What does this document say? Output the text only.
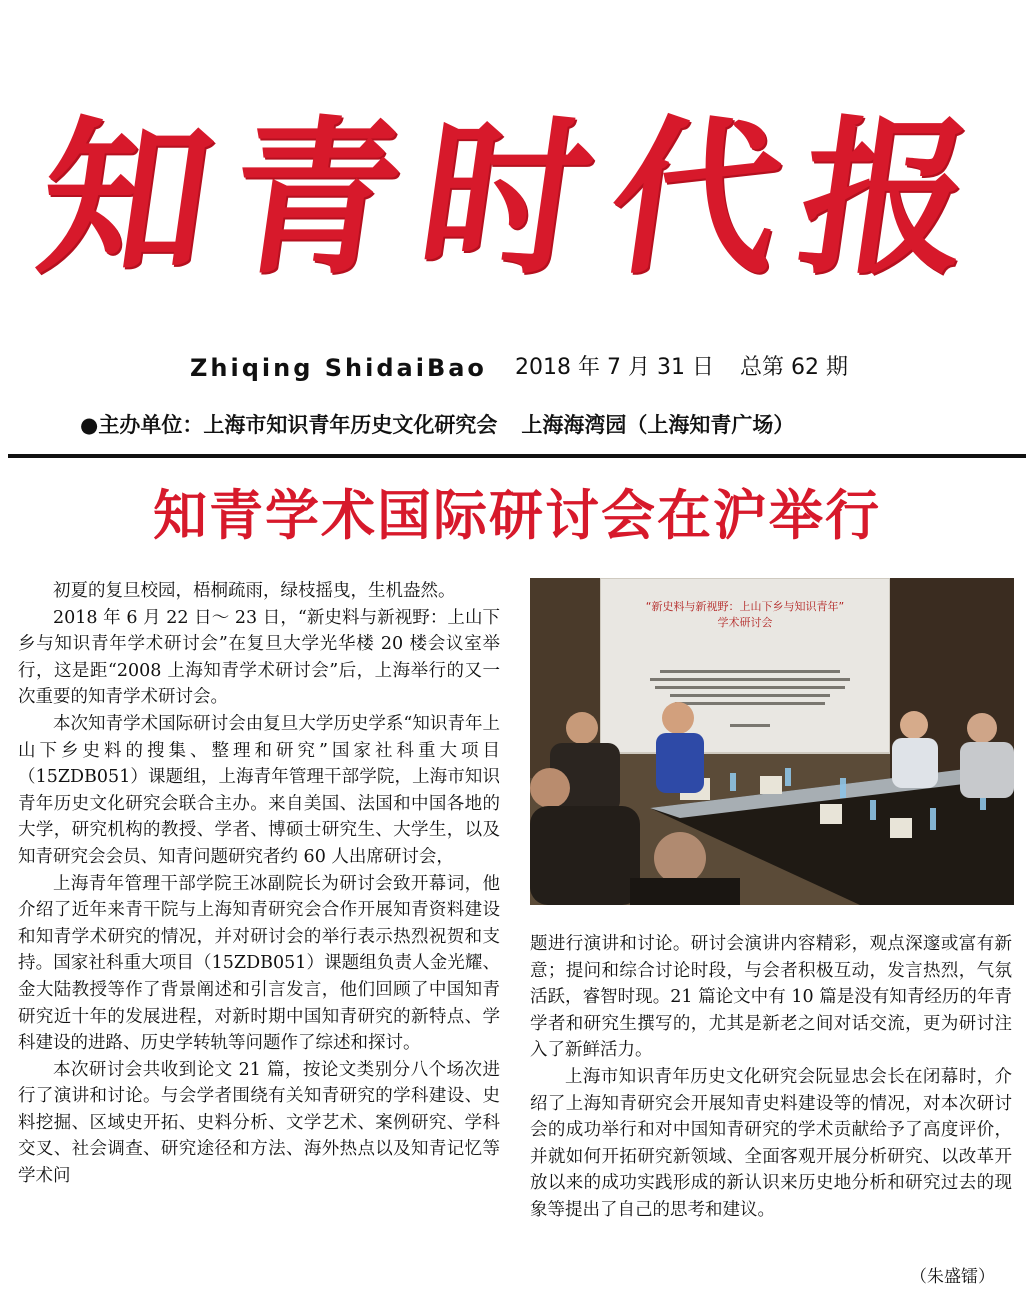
知青时代报
Zhiqing ShidaiBao 2018 年 7 月 31 日 总第 62 期
●主办单位：上海市知识青年历史文化研究会 上海海湾园（上海知青广场）
知青学术国际研讨会在沪举行

初夏的复旦校园，梧桐疏雨，绿枝摇曳，生机盎然。

2018 年 6 月 22 日～ 23 日，“新史料与新视野：上山下乡与知识青年学术研讨会”在复旦大学光华楼 20 楼会议室举行，这是距“2008 上海知青学术研讨会”后，上海举行的又一次重要的知青学术研讨会。

本次知青学术国际研讨会由复旦大学历史学系“知识青年上山下乡史料的搜集、整理和研究”国家社科重大项目（15ZDB051）课题组，上海青年管理干部学院，上海市知识青年历史文化研究会联合主办。来自美国、法国和中国各地的大学，研究机构的教授、学者、博硕士研究生、大学生，以及知青研究会会员、知青问题研究者约 60 人出席研讨会，

上海青年管理干部学院王冰副院长为研讨会致开幕词，他介绍了近年来青干院与上海知青研究会合作开展知青资料建设和知青学术研究的情况，并对研讨会的举行表示热烈祝贺和支持。国家社科重大项目（15ZDB051）课题组负责人金光耀、金大陆教授等作了背景阐述和引言发言，他们回顾了中国知青研究近十年的发展进程，对新时期中国知青研究的新特点、学科建设的进路、历史学转轨等问题作了综述和探讨。

本次研讨会共收到论文 21 篇，按论文类别分八个场次进行了演讲和讨论。与会学者围绕有关知青研究的学科建设、史料挖掘、区域史开拓、史料分析、文学艺术、案例研究、学科交叉、社会调查、研究途径和方法、海外热点以及知青记忆等学术问

“新史料与新视野：上山下乡与知识青年”
学术研讨会

题进行演讲和讨论。研讨会演讲内容精彩，观点深邃或富有新意；提问和综合讨论时段，与会者积极互动，发言热烈，气氛活跃，睿智时现。21 篇论文中有 10 篇是没有知青经历的年青学者和研究生撰写的，尤其是新老之间对话交流，更为研讨注入了新鲜活力。

上海市知识青年历史文化研究会阮显忠会长在闭幕时，介绍了上海知青研究会开展知青史料建设等的情况，对本次研讨会的成功举行和对中国知青研究的学术贡献给予了高度评价，并就如何开拓研究新领域、全面客观开展分析研究、以改革开放以来的成功实践形成的新认识来历史地分析和研究过去的现象等提出了自己的思考和建议。

（朱盛镭）
